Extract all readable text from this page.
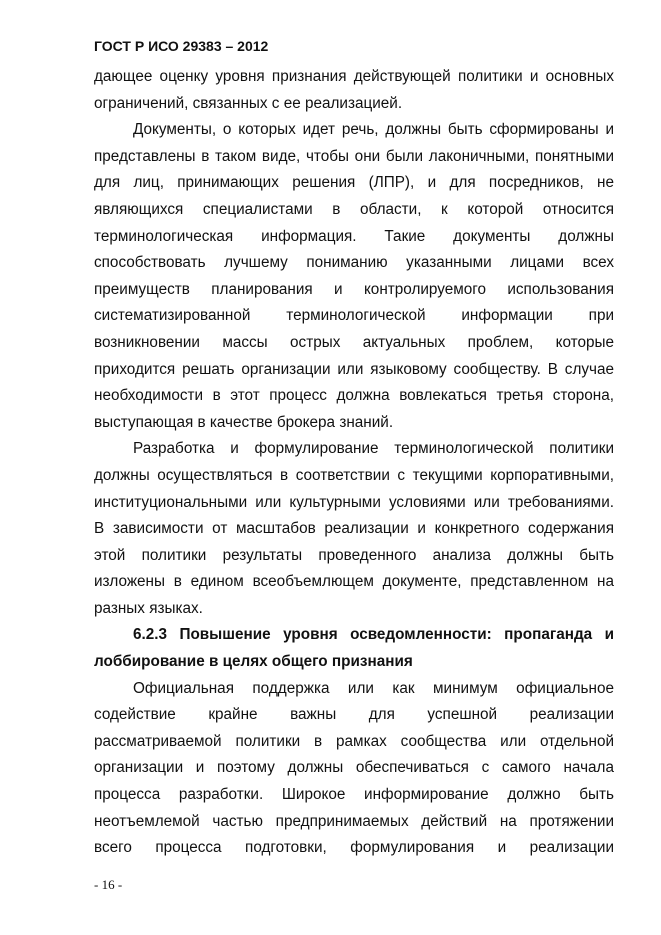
ГОСТ Р ИСО 29383 – 2012
дающее оценку уровня признания действующей политики и основных
ограничений, связанных с ее реализацией.
Документы, о которых идет речь, должны быть сформированы и
представлены в таком виде, чтобы они были лаконичными, понятными
для лиц, принимающих решения (ЛПР), и для посредников, не
являющихся специалистами в области, к которой относится
терминологическая информация. Такие документы должны
способствовать лучшему пониманию указанными лицами всех
преимуществ планирования и контролируемого использования
систематизированной терминологической информации при
возникновении массы острых актуальных проблем, которые
приходится решать организации или языковому сообществу. В случае
необходимости в этот процесс должна вовлекаться третья сторона,
выступающая в качестве брокера знаний.
Разработка и формулирование терминологической политики
должны осуществляться в соответствии с текущими корпоративными,
институциональными или культурными условиями или требованиями.
В зависимости от масштабов реализации и конкретного содержания
этой политики результаты проведенного анализа должны быть
изложены в едином всеобъемлющем документе, представленном на
разных языках.
6.2.3 Повышение уровня осведомленности: пропаганда и
лоббирование в целях общего признания
Официальная поддержка или как минимум официальное
содействие крайне важны для успешной реализации
рассматриваемой политики в рамках сообщества или отдельной
организации и поэтому должны обеспечиваться с самого начала
процесса разработки. Широкое информирование должно быть
неотъемлемой частью предпринимаемых действий на протяжении
всего процесса подготовки, формулирования и реализации
- 16 -
